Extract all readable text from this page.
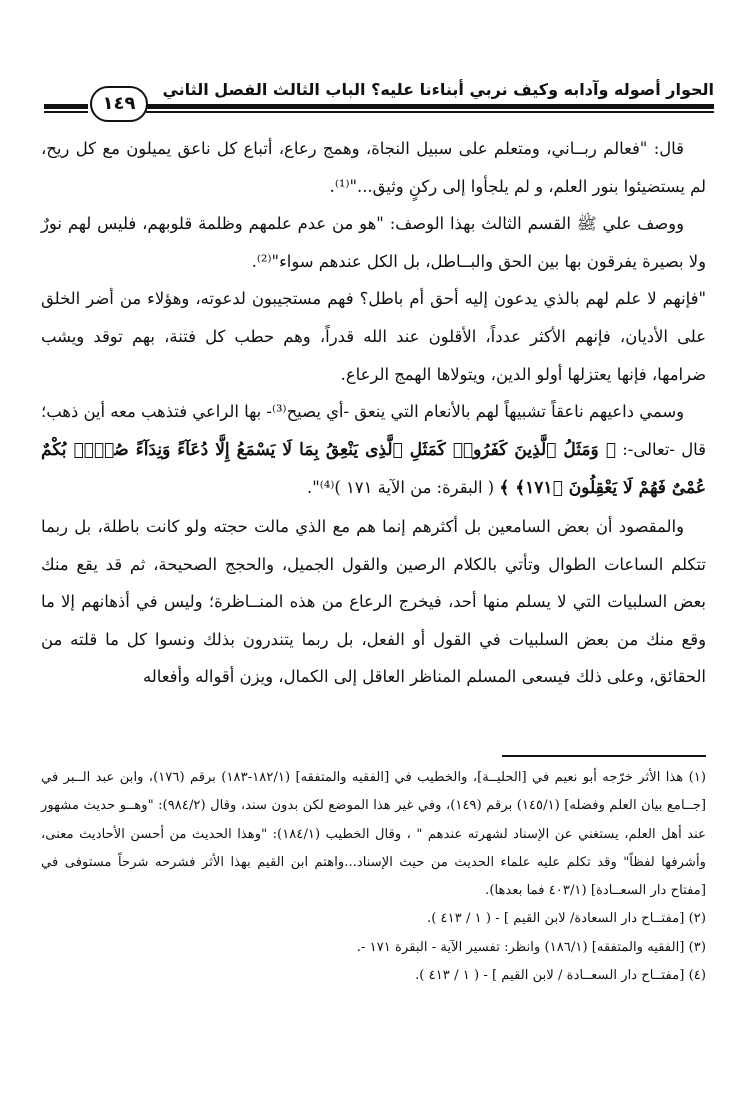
الحوار أصوله وآدابه وكيف نربي أبناءنا عليه؟ الباب الثالث الفصل الثاني
١٤٩

قال: "فعالم ربــاني، ومتعلم على سبيل النجاة، وهمج رعاع، أتباع كل ناعق يميلون مع كل ريح، لم يستضيئوا بنور العلم، و لم يلجأوا إلى ركنٍ وثيق..."⁽¹⁾.

ووصف علي ﷺ القسم الثالث بهذا الوصف: "هو من عدم علمهم وظلمة قلوبهم، فليس لهم نورٌ ولا بصيرة يفرقون بها بين الحق والبــاطل، بل الكل عندهم سواء"⁽²⁾.

"فإنهم لا علم لهم بالذي يدعون إليه أحق أم باطل؟ فهم مستجيبون لدعوته، وهؤلاء من أضر الخلق على الأديان، فإنهم الأكثر عدداً، الأقلون عند الله قدراً، وهم حطب كل فتنة، بهم توقد ويشب ضرامها، فإنها يعتزلها أولو الدين، ويتولاها الهمج الرعاع.

وسمي داعيهم ناعقاً تشبيهاً لهم بالأنعام التي ينعق -أي يصيح⁽³⁾- بها الراعي فتذهب معه أين ذهب؛ قال -تعالى-: ﴿ وَمَثَلُ ٱلَّذِينَ كَفَرُوا۟ كَمَثَلِ ٱلَّذِى يَنْعِقُ بِمَا لَا يَسْمَعُ إِلَّا دُعَآءً وَنِدَآءً صُمٌّۢ بُكْمٌ عُمْىٌ فَهُمْ لَا يَعْقِلُونَ ﴿١٧١﴾ ﴾ ( البقرة: من الآية ١٧١ )⁽⁴⁾".

والمقصود أن بعض السامعين بل أكثرهم إنما هم مع الذي مالت حجته ولو كانت باطلة، بل ربما تتكلم الساعات الطوال وتأتي بالكلام الرصين والقول الجميل، والحجج الصحيحة، ثم قد يقع منك بعض السلبيات التي لا يسلم منها أحد، فيخرج الرعاع من هذه المنــاظرة؛ وليس في أذهانهم إلا ما وقع منك من بعض السلبيات في القول أو الفعل، بل ربما يتندرون بذلك ونسوا كل ما قلته من الحقائق، وعلى ذلك فيسعى المسلم المناظر العاقل إلى الكمال، ويزن أقواله وأفعاله

(١) هذا الأثر خرّجه أبو نعيم في [الحليــة]، والخطيب في [الفقيه والمتفقه] (١٨٢/١-١٨٣) برقم (١٧٦)، وابن عبد الــبر في [جــامع بيان العلم وفضله] (١٤٥/١) برقم (١٤٩)، وفي غير هذا الموضع لكن بدون سند، وقال (٩٨٤/٢): "وهــو حديث مشهور عند أهل العلم، يستغني عن الإسناد لشهرته عندهم " ، وقال الخطيب (١٨٤/١): "وهذا الحديث من أحسن الأحاديث معنى، وأشرفها لفظاً" وقد تكلم عليه علماء الحديث من حيث الإسناد...واهتم ابن القيم بهذا الأثر فشرحه شرحاً مستوفى في [مفتاح دار السعــادة] (٤٠٣/١ فما بعدها).

(٢) [مفتــاح دار السعادة/ لابن القيم ] - ( ١ / ٤١٣ ).

(٣) [الفقيه والمتفقه] (١٨٦/١) وانظر: تفسير الآية - البقرة ١٧١ -.

(٤) [مفتــاح دار السعــادة / لابن القيم ] - ( ١ / ٤١٣ ).
